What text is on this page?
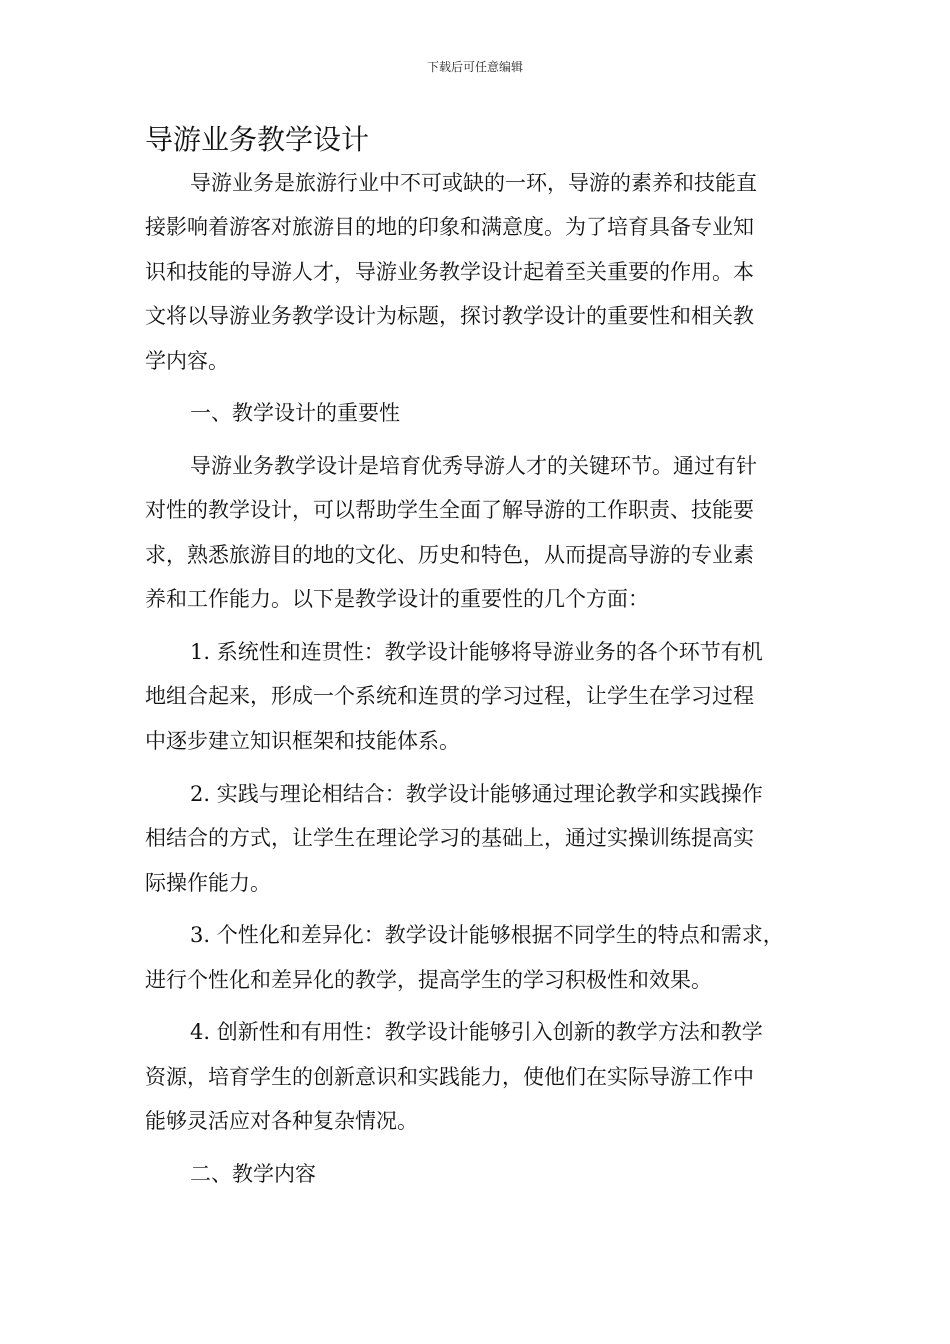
下载后可任意编辑
导游业务教学设计
导游业务是旅游行业中不可或缺的一环，导游的素养和技能直
接影响着游客对旅游目的地的印象和满意度。为了培育具备专业知
识和技能的导游人才，导游业务教学设计起着至关重要的作用。本
文将以导游业务教学设计为标题，探讨教学设计的重要性和相关教
学内容。
一、教学设计的重要性
导游业务教学设计是培育优秀导游人才的关键环节。通过有针
对性的教学设计，可以帮助学生全面了解导游的工作职责、技能要
求，熟悉旅游目的地的文化、历史和特色，从而提高导游的专业素
养和工作能力。以下是教学设计的重要性的几个方面：
1. 系统性和连贯性：教学设计能够将导游业务的各个环节有机
地组合起来，形成一个系统和连贯的学习过程，让学生在学习过程
中逐步建立知识框架和技能体系。
2. 实践与理论相结合：教学设计能够通过理论教学和实践操作
相结合的方式，让学生在理论学习的基础上，通过实操训练提高实
际操作能力。
3. 个性化和差异化：教学设计能够根据不同学生的特点和需求，
进行个性化和差异化的教学，提高学生的学习积极性和效果。
4. 创新性和有用性：教学设计能够引入创新的教学方法和教学
资源，培育学生的创新意识和实践能力，使他们在实际导游工作中
能够灵活应对各种复杂情况。
二、教学内容
